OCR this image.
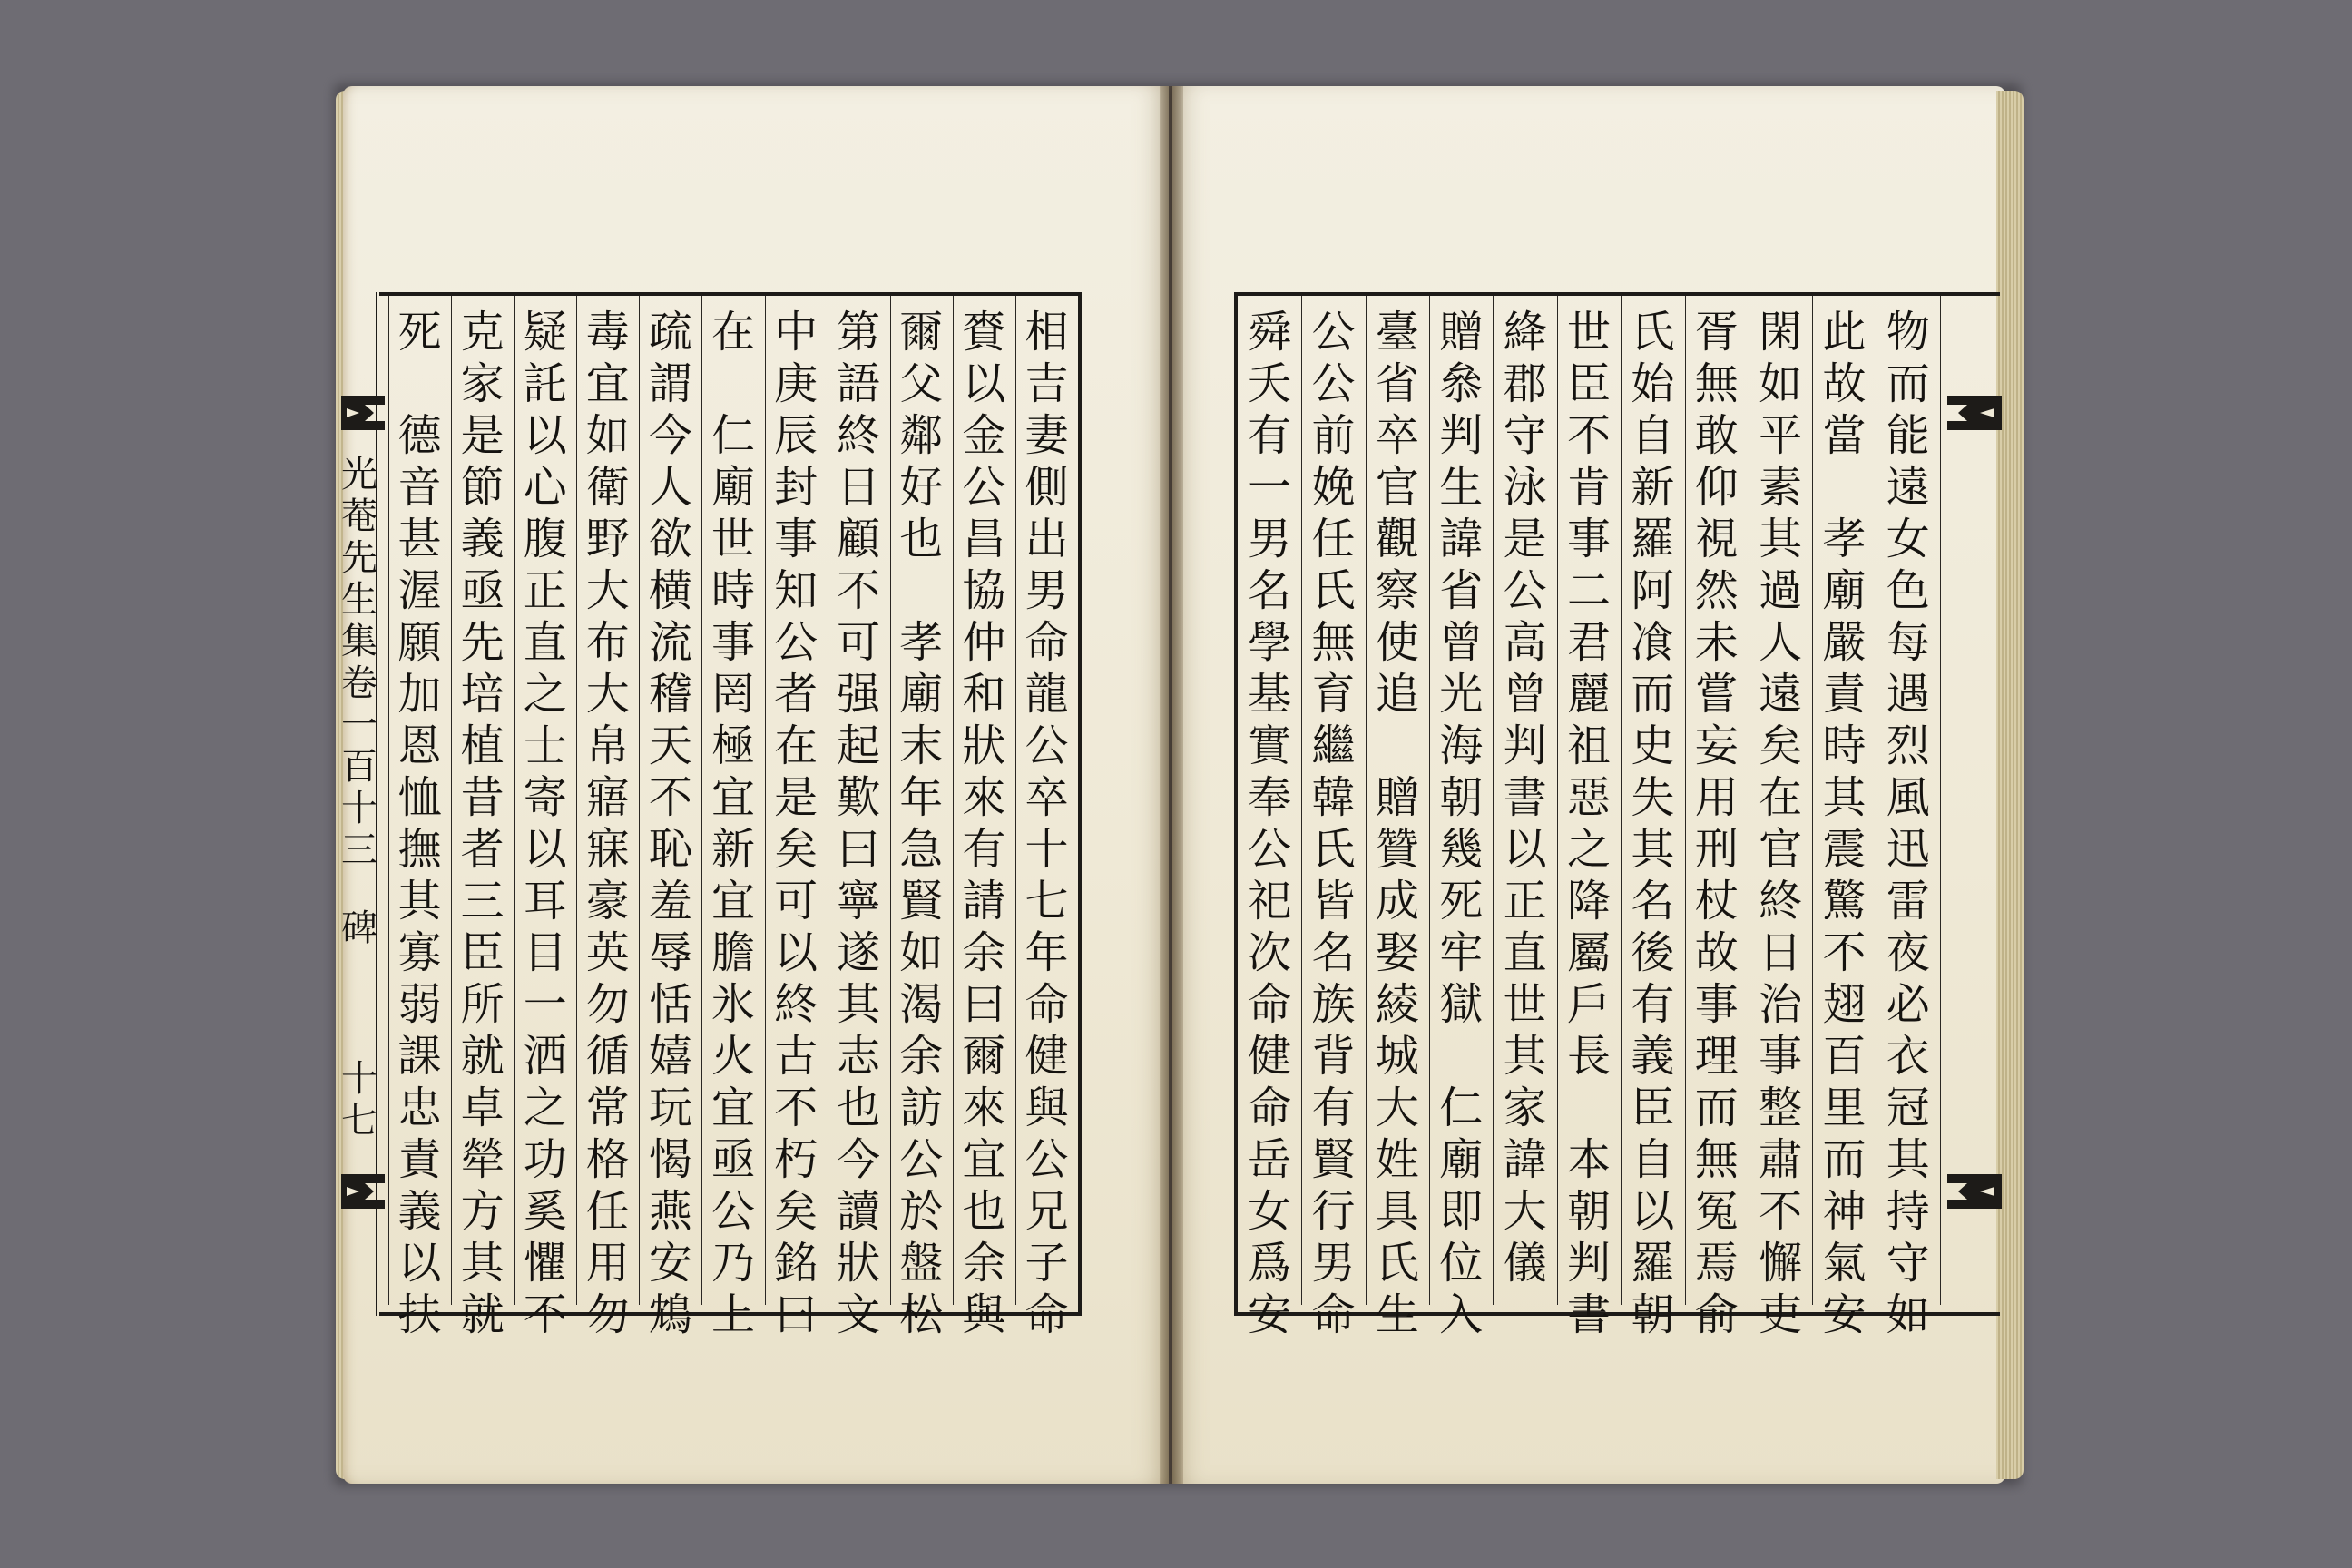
光
菴
先
生
集
卷
一
百
十
三
碑
十
七
相
吉
妻
側
出
男
命
龍
公
卒
十
七
年
命
健
與
公
兄
子
命
賚
以
金
公
昌
協
仲
和
狀
來
有
請
余
曰
爾
來
宜
也
余
與
爾
父
鄰
好
也

孝
廟
末
年
急
賢
如
渴
余
訪
公
於
盤
松
第
語
終
日
顧
不
可
强
起
歎
曰
寧
遂
其
志
也
今
讀
狀
文
中
庚
辰
封
事
知
公
者
在
是
矣
可
以
終
古
不
朽
矣
銘
曰
在

仁
廟
世
時
事
罔
極
宜
新
宜
膽
氷
火
宜
亟
公
乃
上
疏
謂
今
人
欲
横
流
稽
天
不
恥
羞
辱
恬
嬉
玩
愒
燕
安
鴆
毒
宜
如
衛
野
大
布
大
帛
寤
寐
豪
英
勿
循
常
格
任
用
勿
疑
託
以
心
腹
正
直
之
士
寄
以
耳
目
一
洒
之
功
奚
懼
不
克
家
是
節
義
亟
先
培
植
昔
者
三
臣
所
就
卓
犖
方
其
就
死

德
音
甚
渥
願
加
恩
恤
撫
其
寡
弱
課
忠
責
義
以
扶
物
而
能
遠
女
色
每
遇
烈
風
迅
雷
夜
必
衣
冠
其
持
守
如
此
故
當

孝
廟
嚴
責
時
其
震
驚
不
翅
百
里
而
神
氣
安
閑
如
平
素
其
過
人
遠
矣
在
官
終
日
治
事
整
肅
不
懈
吏
胥
無
敢
仰
視
然
未
嘗
妄
用
刑
杖
故
事
理
而
無
冤
焉
俞
氏
始
自
新
羅
阿
飡
而
史
失
其
名
後
有
義
臣
自
以
羅
朝
世
臣
不
肯
事
二
君
麗
祖
惡
之
降
屬
戶
長

本
朝
判
書
絳
郡
守
泳
是
公
高
曾
判
書
以
正
直
世
其
家
諱
大
儀
贈
叅
判
生
諱
省
曾
光
海
朝
幾
死
牢
獄

仁
廟
即
位
入
臺
省
卒
官
觀
察
使
追

贈
贊
成
娶
綾
城
大
姓
具
氏
生
公
公
前
娩
任
氏
無
育
繼
韓
氏
皆
名
族
背
有
賢
行
男
命
舜
夭
有
一
男
名
學
基
實
奉
公
祀
次
命
健
命
岳
女
爲
安
